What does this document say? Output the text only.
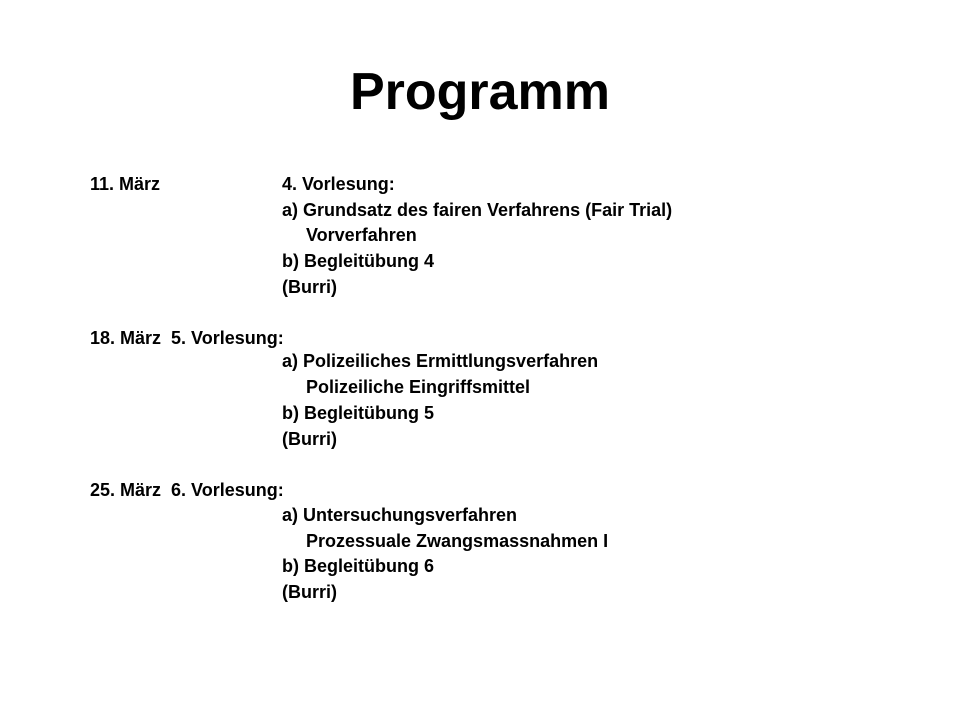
Programm
11. März	4. Vorlesung:
a) Grundsatz des fairen Verfahrens (Fair Trial)
Vorverfahren
b) Begleitübung 4
(Burri)
18. März  5. Vorlesung:
a) Polizeiliches Ermittlungsverfahren
Polizeiliche Eingriffsmittel
b) Begleitübung 5
(Burri)
25. März  6. Vorlesung:
a) Untersuchungsverfahren
Prozessuale Zwangsmassnahmen I
b) Begleitübung 6
(Burri)
